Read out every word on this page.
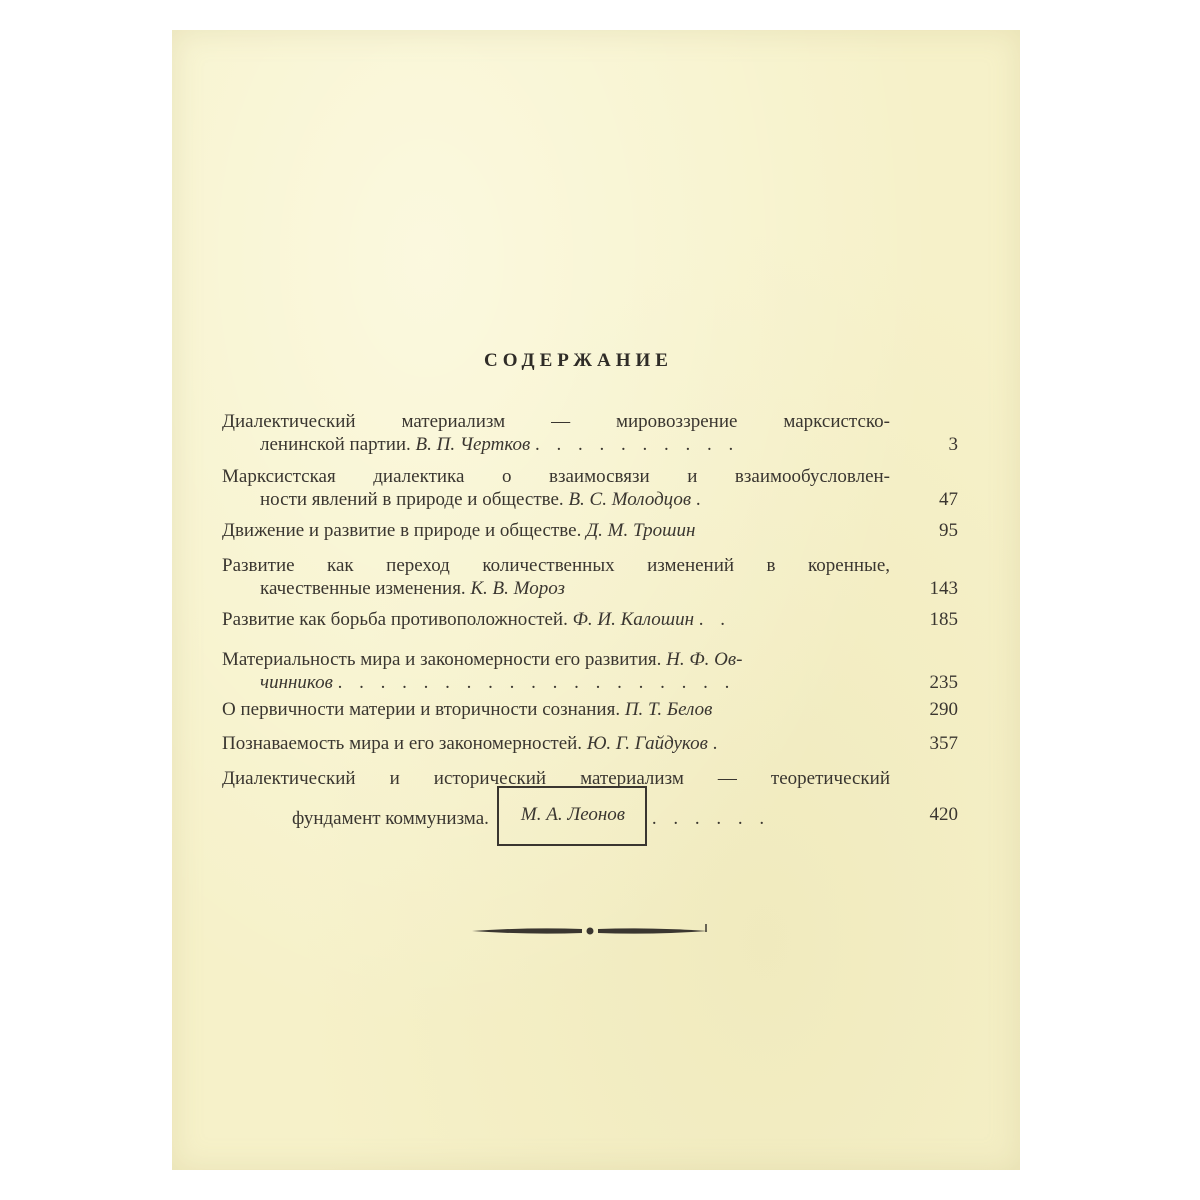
СОДЕРЖАНИЕ
Диалектический материализм — мировоззрение марксистско-
ленинской партии. В. П. Чертков . . . . . . . . . .	3
Марксистская диалектика о взаимосвязи и взаимообусловлен-
ности явлений в природе и обществе. В. С. Молодцов .	47
Движение и развитие в природе и обществе. Д. М. Трошин	95
Развитие как переход количественных изменений в коренные,
качественные изменения. К. В. Мороз	143
Развитие как борьба противоположностей. Ф. И. Калошин . .	185
Материальность мира и закономерности его развития. Н. Ф. Ов-
чинников . . . . . . . . . . . . . . . . . . .	235
О первичности материи и вторичности сознания. П. Т. Белов	290
Познаваемость мира и его закономерностей. Ю. Г. Гайдуков .	357
Диалектический и исторический материализм — теоретический
фундамент коммунизма. М. А. Леонов . . . . . .	420
